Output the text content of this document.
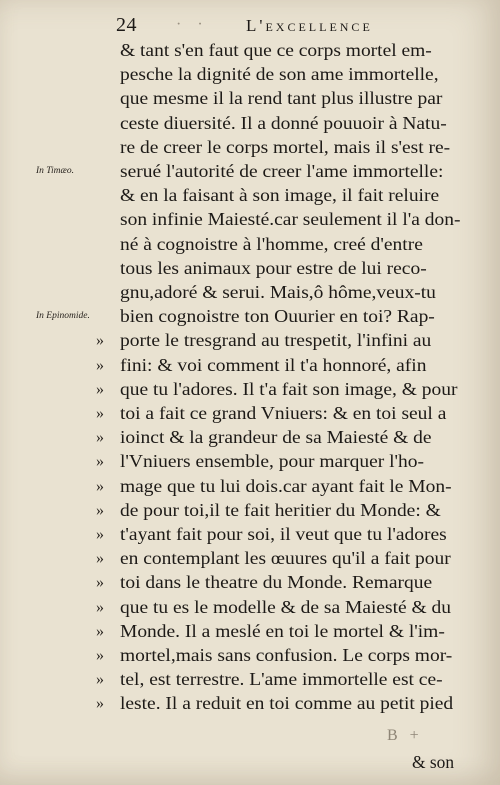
24 · · L'excellence
& tant s'en faut que ce corps mortel em-
pesche la dignité de son ame immortelle,
que mesme il la rend tant plus illustre par
ceste diuersité. Il a donné pouuoir à Natu-
re de creer le corps mortel, mais il s'est re-
In Timæo.	serué l'autorité de creer l'ame immortelle:
& en la faisant à son image, il fait reluire
son infinie Maiesté.car seulement il l'a don-
né à cognoistre à l'homme, creé d'entre
tous les animaux pour estre de lui reco-
gnu,adoré & serui. Mais,ô hôme,veux-tu
In Epinomide. bien cognoistre ton Ouurier en toi? Rap-
» porte le tresgrand au trespetit, l'infini au
» fini: & voi comment il t'a honnoré, afin
» que tu l'adores. Il t'a fait son image, & pour
» toi a fait ce grand Vniuers: & en toi seul a
» ioinct & la grandeur de sa Maiesté & de
» l'Vniuers ensemble, pour marquer l'ho-
» mage que tu lui dois.car ayant fait le Mon-
» de pour toi,il te fait heritier du Monde: &
» t'ayant fait pour soi, il veut que tu l'adores
» en contemplant les œuures qu'il a fait pour
» toi dans le theatre du Monde. Remarque
» que tu es le modelle & de sa Maiesté & du
» Monde. Il a meslé en toi le mortel & l'im-
» mortel,mais sans confusion. Le corps mor-
» tel, est terrestre. L'ame immortelle est ce-
» leste. Il a reduit en toi comme au petit pied
B +
& son
